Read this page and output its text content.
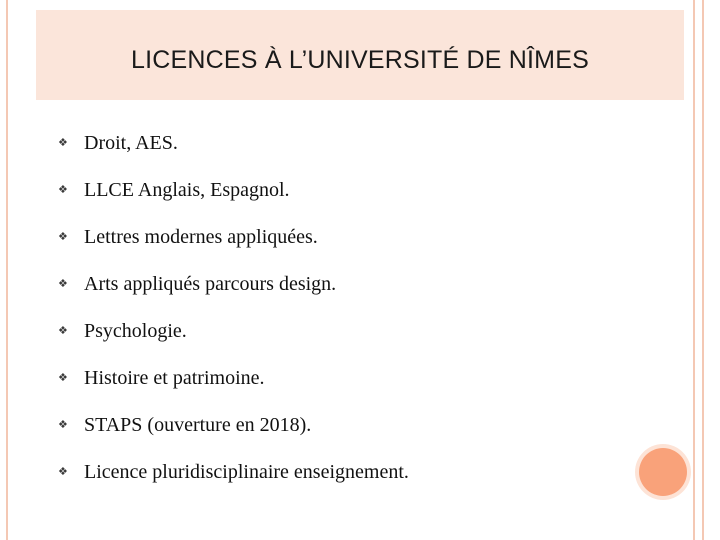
LICENCES À L’UNIVERSITÉ DE NÎMES
❖ Droit, AES.
❖ LLCE Anglais, Espagnol.
❖ Lettres modernes appliquées.
❖ Arts appliqués parcours design.
❖ Psychologie.
❖ Histoire et patrimoine.
❖ STAPS (ouverture en 2018).
❖ Licence pluridisciplinaire enseignement.
